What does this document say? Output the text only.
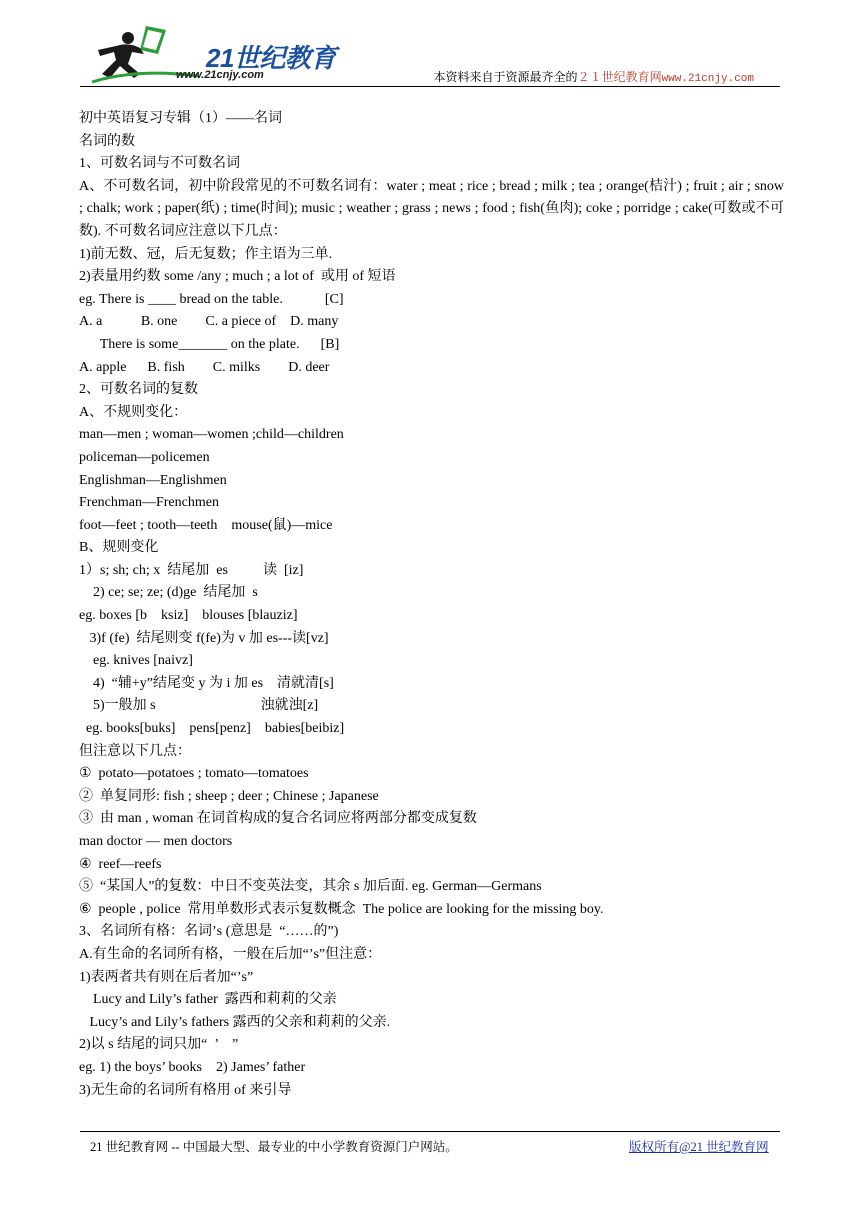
21世纪教育
www.21cnjy.com	本资料来自于资源最齐全的２１世纪教育网www.21cnjy.com
初中英语复习专辑（1）——名词
名词的数
1、可数名词与不可数名词
A、不可数名词，初中阶段常见的不可数名词有：water ; meat ; rice ; bread ; milk ; tea ; orange(桔汁) ; fruit ; air ; snow ; chalk; work ; paper(纸) ; time(时间); music ; weather ; grass ; news ; food ; fish(鱼肉); coke ; porridge ; cake(可数或不可数). 不可数名词应注意以下几点：
1)前无数、冠，后无复数；作主语为三单.
2)表量用约数 some /any ; much ; a lot of  或用 of 短语
eg. There is ____ bread on the table.            [C]
A. a           B. one        C. a piece of    D. many
There is some_______ on the plate.      [B]
A. apple      B. fish        C. milks        D. deer
2、可数名词的复数
A、不规则变化：
man—men ; woman—women ;child—children
policeman—policemen
Englishman—Englishmen
Frenchman—Frenchmen
foot—feet ; tooth—teeth    mouse(鼠)—mice
B、规则变化
1）s; sh; ch; x  结尾加  es          读  [iz]
2) ce; se; ze; (d)ge  结尾加  s
eg. boxes [b    ksiz]    blouses [blauziz]
3)f (fe)  结尾则变 f(fe)为 v 加 es---读[vz]
eg. knives [naivz]
4)  “辅+y”结尾变 y 为 i 加 es    清就清[s]
5)一般加 s                              浊就浊[z]
eg. books[buks]    pens[penz]    babies[beibiz]
但注意以下几点：
①  potato—potatoes ; tomato—tomatoes
②  单复同形: fish ; sheep ; deer ; Chinese ; Japanese
③  由 man , woman 在词首构成的复合名词应将两部分都变成复数
man doctor — men doctors
④  reef—reefs
⑤  “某国人”的复数：中日不变英法变，其余 s 加后面. eg. German—Germans
⑥  people , police  常用单数形式表示复数概念  The police are looking for the missing boy.
3、名词所有格：名词’s (意思是  “……的”)
A.有生命的名词所有格，一般在后加“’s”但注意：
1)表两者共有则在后者加“’s”
Lucy and Lily’s father  露西和莉莉的父亲
Lucy’s and Lily’s fathers 露西的父亲和莉莉的父亲.
2)以 s 结尾的词只加“  ’    ”
eg. 1) the boys’ books    2) James’ father
3)无生命的名词所有格用 of 来引导
21 世纪教育网 -- 中国最大型、最专业的中小学教育资源门户网站。	版权所有@21 世纪教育网
